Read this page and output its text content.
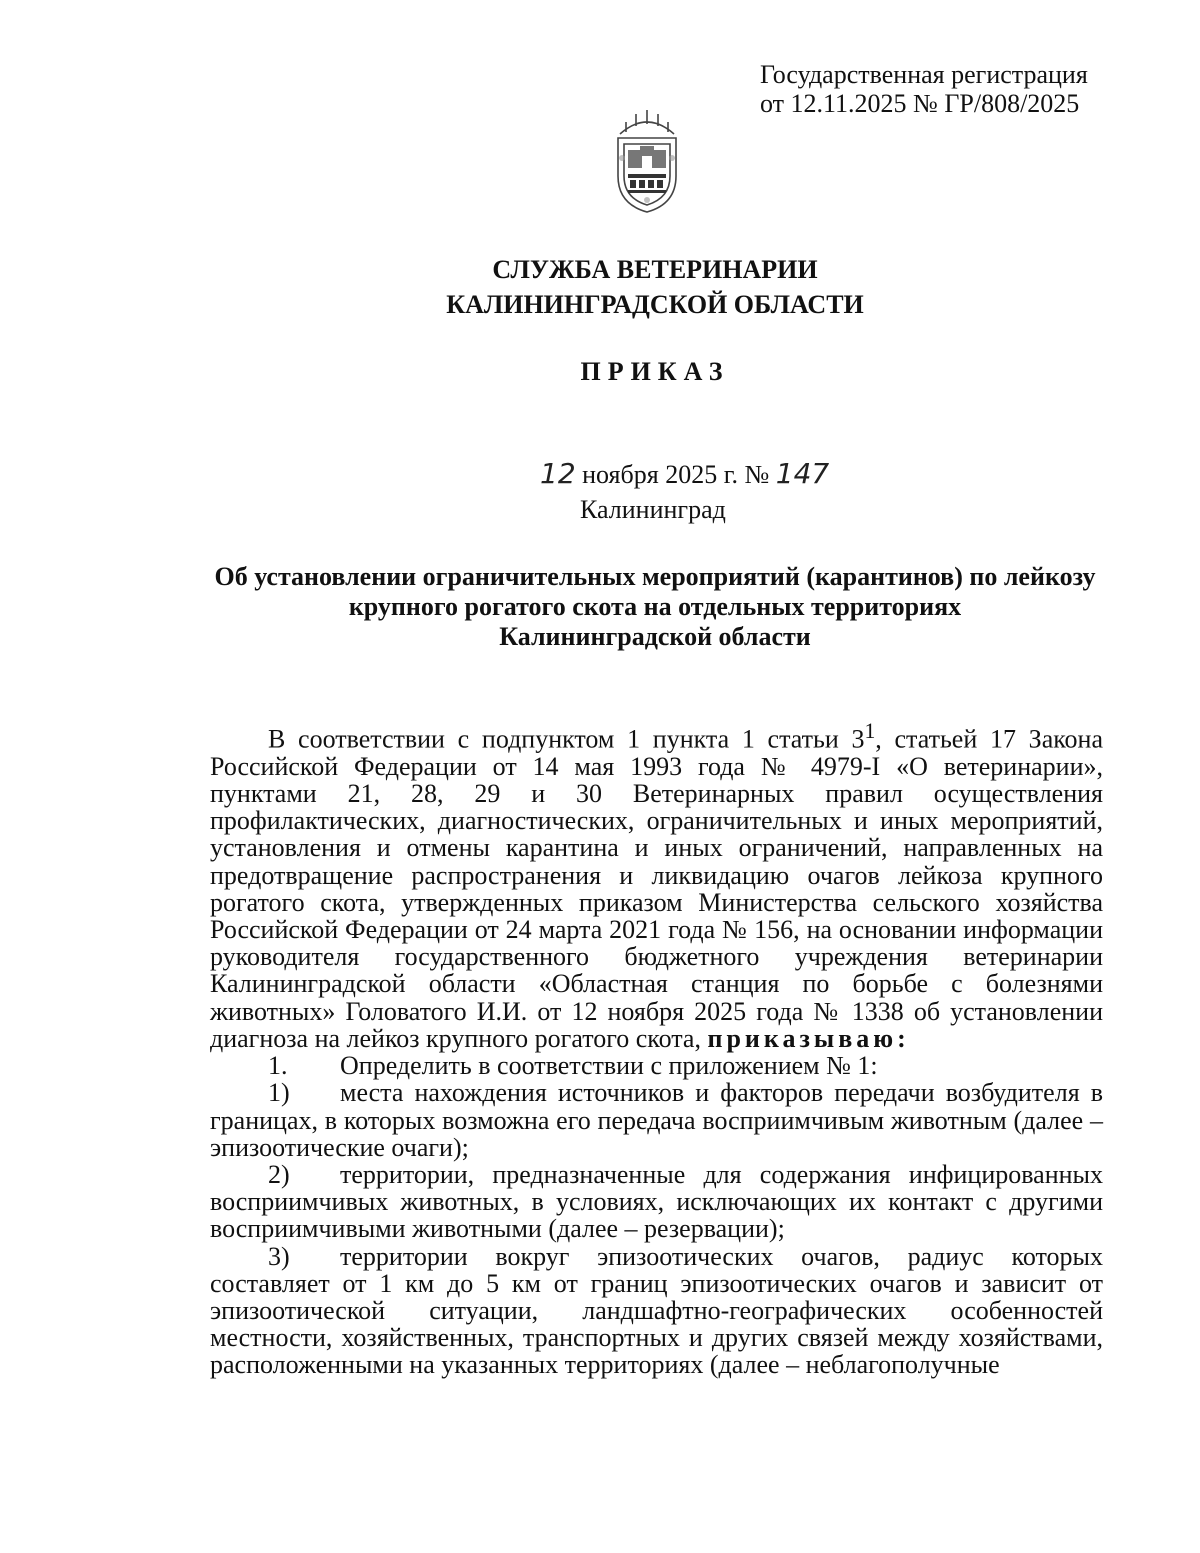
Государственная регистрация
от 12.11.2025 № ГР/808/2025
СЛУЖБА ВЕТЕРИНАРИИ
КАЛИНИНГРАДСКОЙ ОБЛАСТИ
ПРИКАЗ
12 ноября 2025 г. № 147
Калининград
Об установлении ограничительных мероприятий (карантинов) по лейкозу
крупного рогатого скота на отдельных территориях
Калининградской области

В соответствии с подпунктом 1 пункта 1 статьи $3^1$, статьей 17 Закона Российской Федерации от 14 мая 1993 года № 4979-I «О ветеринарии», пунктами 21, 28, 29 и 30 Ветеринарных правил осуществления профилактических, диагностических, ограничительных и иных мероприятий, установления и отмены карантина и иных ограничений, направленных на предотвращение распространения и ликвидацию очагов лейкоза крупного рогатого скота, утвержденных приказом Министерства сельского хозяйства Российской Федерации от 24 марта 2021 года № 156, на основании информации руководителя государственного бюджетного учреждения ветеринарии Калининградской области «Областная станция по борьбе с болезнями животных» Головатого И.И. от 12 ноября 2025 года № 1338 об установлении диагноза на лейкоз крупного рогатого скота, приказываю:

1. Определить в соответствии с приложением № 1:

1) места нахождения источников и факторов передачи возбудителя в границах, в которых возможна его передача восприимчивым животным (далее – эпизоотические очаги);

2) территории, предназначенные для содержания инфицированных восприимчивых животных, в условиях, исключающих их контакт с другими восприимчивыми животными (далее – резервации);

3) территории вокруг эпизоотических очагов, радиус которых составляет от 1 км до 5 км от границ эпизоотических очагов и зависит от эпизоотической ситуации, ландшафтно-географических особенностей местности, хозяйственных, транспортных и других связей между хозяйствами, расположенными на указанных территориях (далее – неблагополучные
